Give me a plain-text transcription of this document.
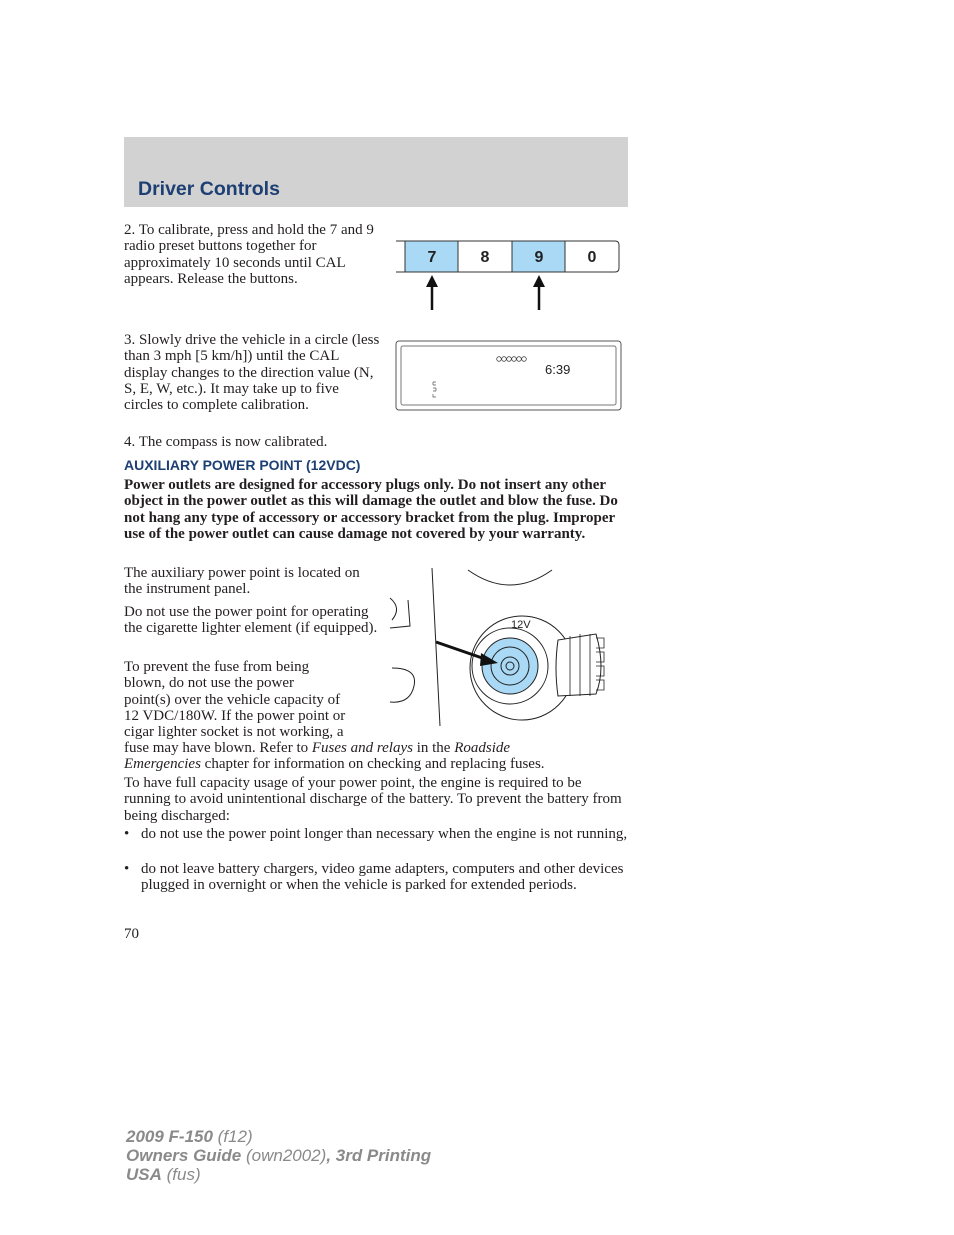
Driver Controls
2. To calibrate, press and hold the 7 and 9 radio preset buttons together for approximately 10 seconds until CAL appears. Release the buttons.
7	8	9	0
3. Slowly drive the vehicle in a circle (less than 3 mph [5 km/h]) until the CAL display changes to the direction value (N, S, E, W, etc.). It may take up to five circles to complete calibration.
4. The compass is now calibrated.
6:39
AUXILIARY POWER POINT (12VDC)
Power outlets are designed for accessory plugs only. Do not insert any other object in the power outlet as this will damage the outlet and blow the fuse. Do not hang any type of accessory or accessory bracket from the plug. Improper use of the power outlet can cause damage not covered by your warranty.
The auxiliary power point is located on the instrument panel.
Do not use the power point for operating the cigarette lighter element (if equipped).
To prevent the fuse from being
blown, do not use the power
point(s) over the vehicle capacity of
12 VDC/180W. If the power point or
cigar lighter socket is not working, a
fuse may have blown. Refer to Fuses and relays in the Roadside
Emergencies chapter for information on checking and replacing fuses.
12V
To have full capacity usage of your power point, the engine is required to be running to avoid unintentional discharge of the battery. To prevent the battery from being discharged:
• do not use the power point longer than necessary when the engine is not running,
• do not leave battery chargers, video game adapters, computers and other devices plugged in overnight or when the vehicle is parked for extended periods.
70
2009 F-150 (f12)
Owners Guide (own2002), 3rd Printing
USA (fus)
